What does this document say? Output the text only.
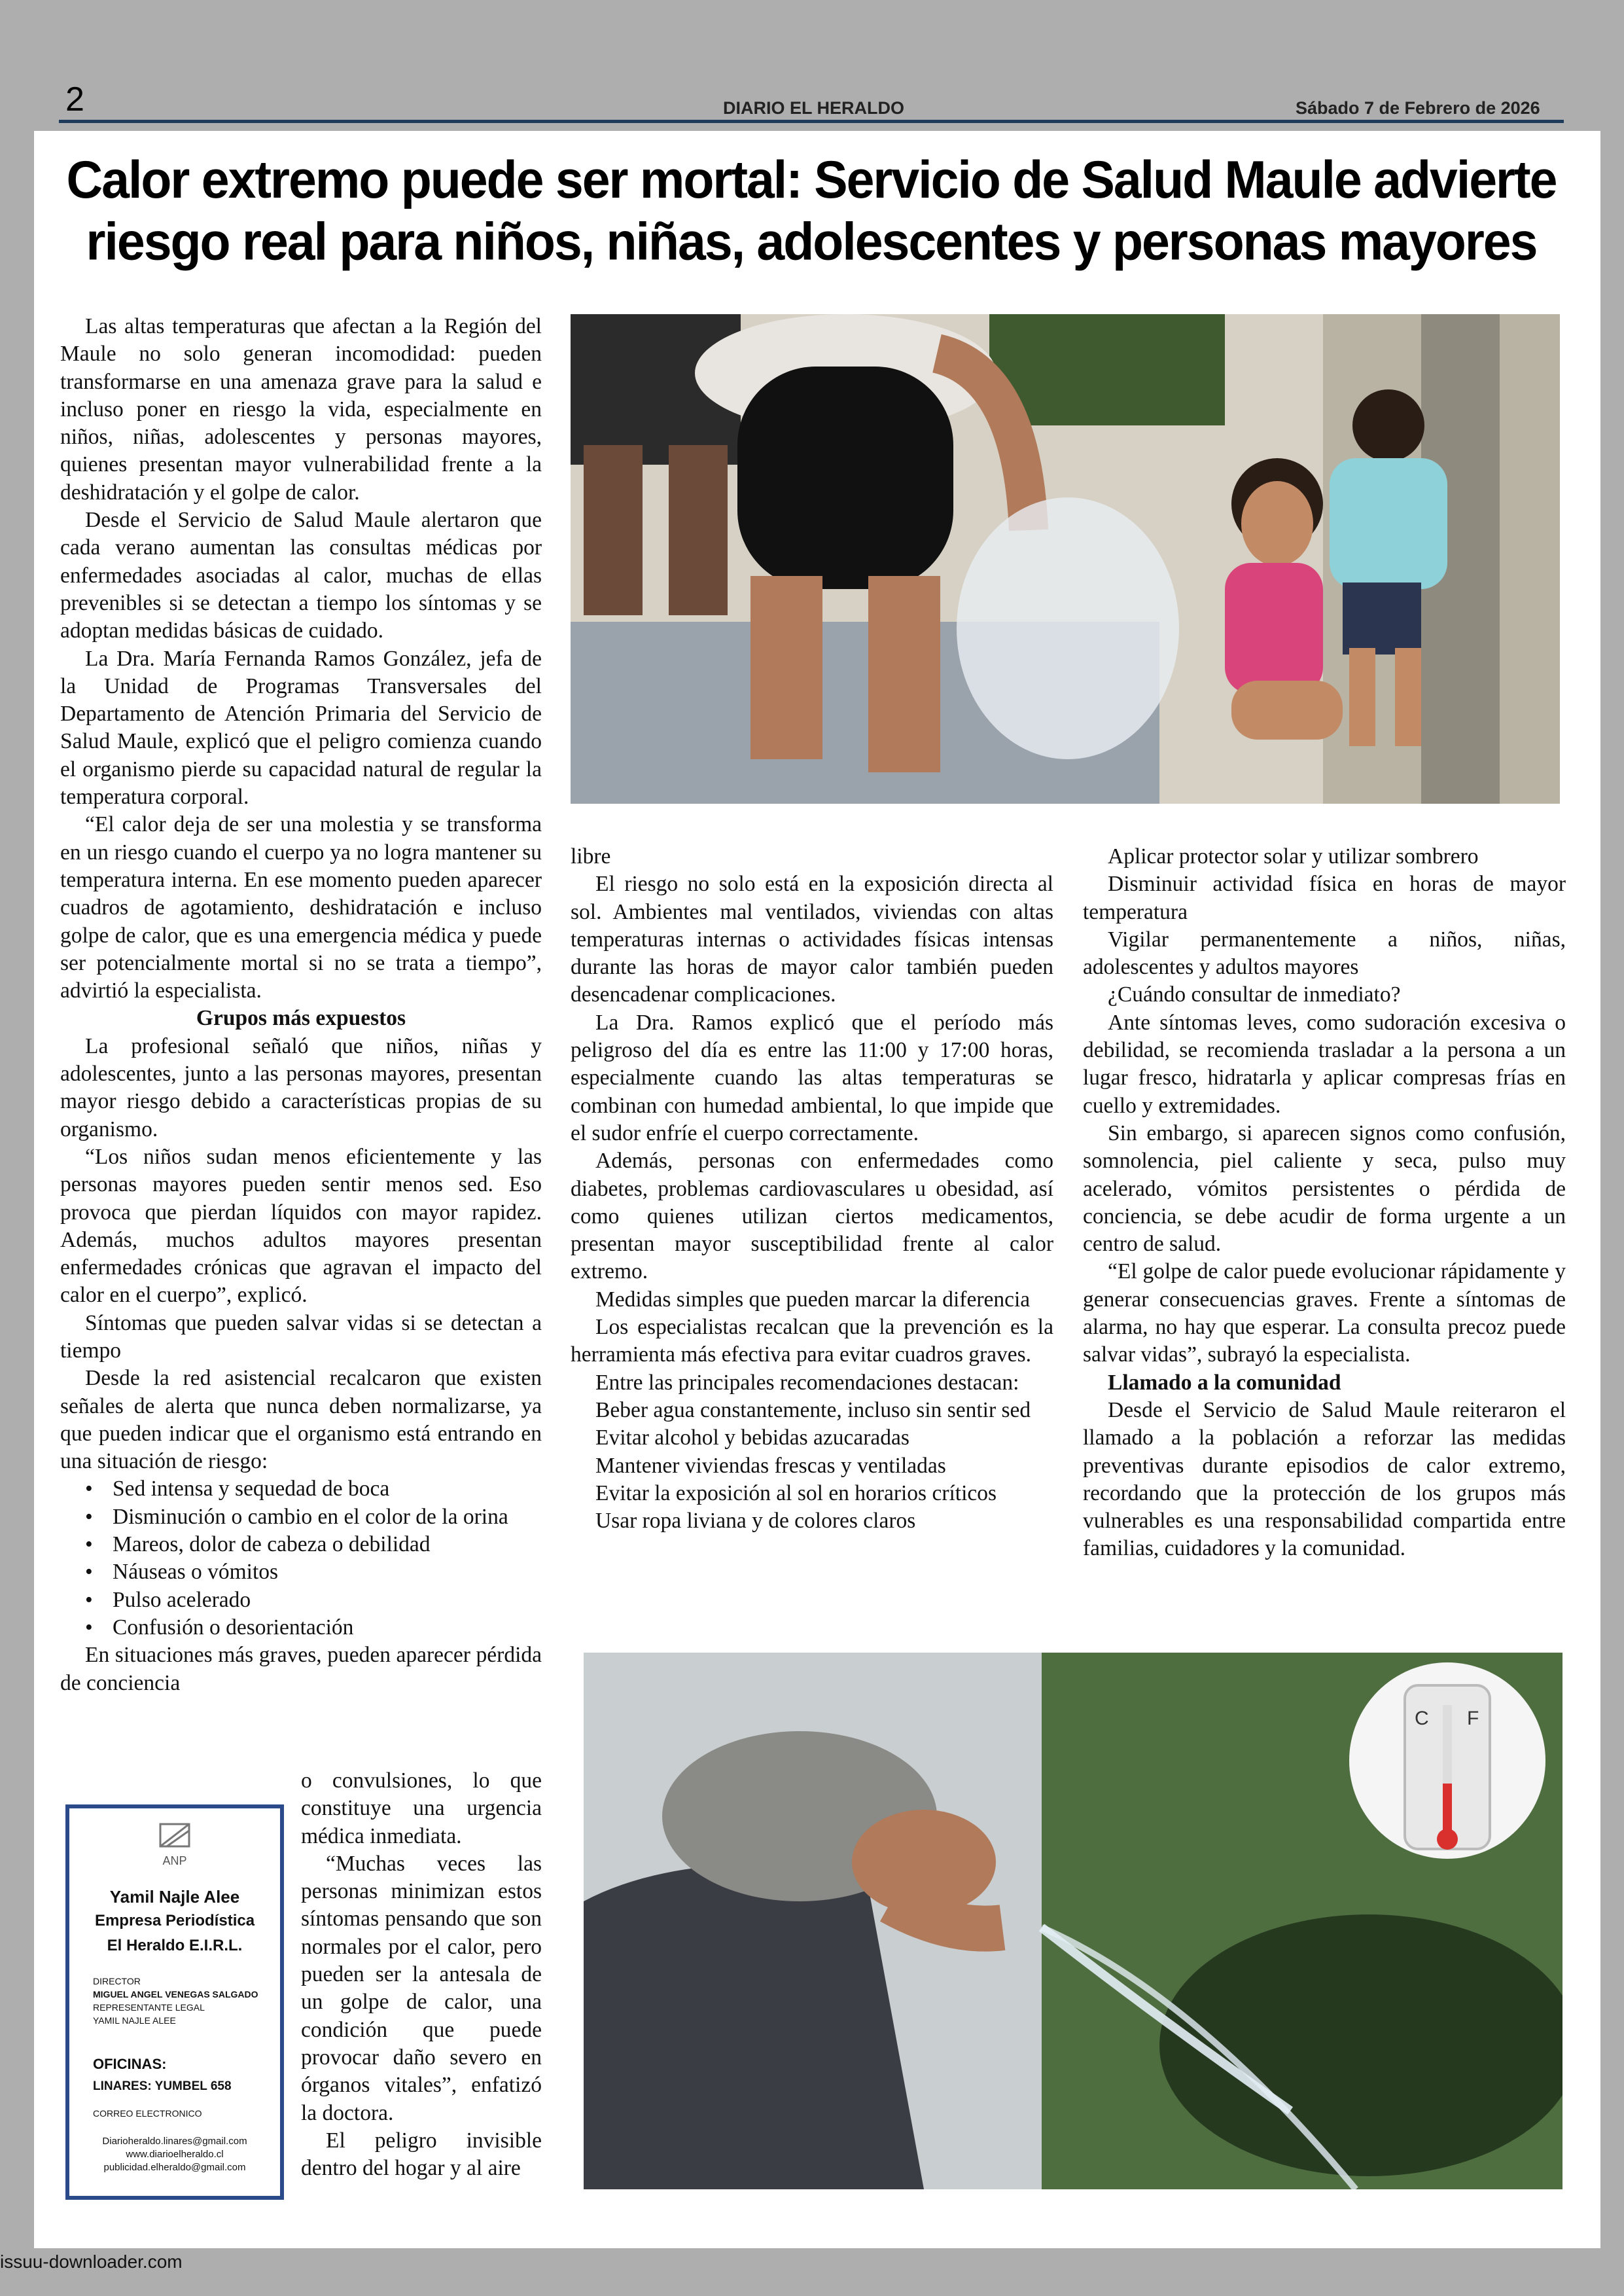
2	DIARIO EL HERALDO	Sábado 7 de Febrero de 2026
Calor extremo puede ser mortal: Servicio de Salud Maule advierte
riesgo real para niños, niñas, adolescentes y personas mayores

Las altas temperaturas que afectan a la Región del Maule no solo generan incomodidad: pueden transformarse en una amenaza grave para la salud e incluso poner en riesgo la vida, especialmente en niños, niñas, adolescentes y personas mayores, quienes presentan mayor vulnerabilidad frente a la deshidratación y el golpe de calor.

Desde el Servicio de Salud Maule alertaron que cada verano aumentan las consultas médicas por enfermedades asociadas al calor, muchas de ellas prevenibles si se detectan a tiempo los síntomas y se adoptan medidas básicas de cuidado.

La Dra. María Fernanda Ramos González, jefa de la Unidad de Programas Transversales del Departamento de Atención Primaria del Servicio de Salud Maule, explicó que el peligro comienza cuando el organismo pierde su capacidad natural de regular la temperatura corporal.

“El calor deja de ser una molestia y se transforma en un riesgo cuando el cuerpo ya no logra mantener su temperatura interna. En ese momento pueden aparecer cuadros de agotamiento, deshidratación e incluso golpe de calor, que es una emergencia médica y puede ser potencialmente mortal si no se trata a tiempo”, advirtió la especialista.

Grupos más expuestos

La profesional señaló que niños, niñas y adolescentes, junto a las personas mayores, presentan mayor riesgo debido a características propias de su organismo.

“Los niños sudan menos eficientemente y las personas mayores pueden sentir menos sed. Eso provoca que pierdan líquidos con mayor rapidez. Además, muchos adultos mayores presentan enfermedades crónicas que agravan el impacto del calor en el cuerpo”, explicó.

Síntomas que pueden salvar vidas si se detectan a tiempo

Desde la red asistencial recalcaron que existen señales de alerta que nunca deben normalizarse, ya que pueden indicar que el organismo está entrando en una situación de riesgo:

• Sed intensa y sequedad de boca
• Disminución o cambio en el color de la orina
• Mareos, dolor de cabeza o debilidad
• Náuseas o vómitos
• Pulso acelerado
• Confusión o desorientación

En situaciones más graves, pueden aparecer pérdida de conciencia

o convulsiones, lo que constituye una urgencia médica inmediata.

“Muchas veces las personas minimizan estos síntomas pensando que son normales por el calor, pero pueden ser la antesala de un golpe de calor, una condición que puede provocar daño severo en órganos vitales”, enfatizó la doctora.

El peligro invisible dentro del hogar y al aire

libre

El riesgo no solo está en la exposición directa al sol. Ambientes mal ventilados, viviendas con altas temperaturas internas o actividades físicas intensas durante las horas de mayor calor también pueden desencadenar complicaciones.

La Dra. Ramos explicó que el período más peligroso del día es entre las 11:00 y 17:00 horas, especialmente cuando las altas temperaturas se combinan con humedad ambiental, lo que impide que el sudor enfríe el cuerpo correctamente.

Además, personas con enfermedades como diabetes, problemas cardiovasculares u obesidad, así como quienes utilizan ciertos medicamentos, presentan mayor susceptibilidad frente al calor extremo.

Medidas simples que pueden marcar la diferencia

Los especialistas recalcan que la prevención es la herramienta más efectiva para evitar cuadros graves.

Entre las principales recomendaciones destacan:

Beber agua constantemente, incluso sin sentir sed

Evitar alcohol y bebidas azucaradas

Mantener viviendas frescas y ventiladas

Evitar la exposición al sol en horarios críticos

Usar ropa liviana y de colores claros

Aplicar protector solar y utilizar sombrero

Disminuir actividad física en horas de mayor temperatura

Vigilar permanentemente a niños, niñas, adolescentes y adultos mayores

¿Cuándo consultar de inmediato?

Ante síntomas leves, como sudoración excesiva o debilidad, se recomienda trasladar a la persona a un lugar fresco, hidratarla y aplicar compresas frías en cuello y extremidades.

Sin embargo, si aparecen signos como confusión, somnolencia, piel caliente y seca, pulso muy acelerado, vómitos persistentes o pérdida de conciencia, se debe acudir de forma urgente a un centro de salud.

“El golpe de calor puede evolucionar rápidamente y generar consecuencias graves. Frente a síntomas de alarma, no hay que esperar. La consulta precoz puede salvar vidas”, subrayó la especialista.

Llamado a la comunidad

Desde el Servicio de Salud Maule reiteraron el llamado a la población a reforzar las medidas preventivas durante episodios de calor extremo, recordando que la protección de los grupos más vulnerables es una responsabilidad compartida entre familias, cuidadores y la comunidad.

C F
ANP
Yamil Najle Alee
Empresa Periodística
El Heraldo E.I.R.L.
DIRECTOR
MIGUEL ANGEL VENEGAS SALGADO
REPRESENTANTE LEGAL
YAMIL NAJLE ALEE
OFICINAS:
LINARES: YUMBEL 658
CORREO ELECTRONICO
Diarioheraldo.linares@gmail.com
www.diarioelheraldo.cl
publicidad.elheraldo@gmail.com
issuu-downloader.com
